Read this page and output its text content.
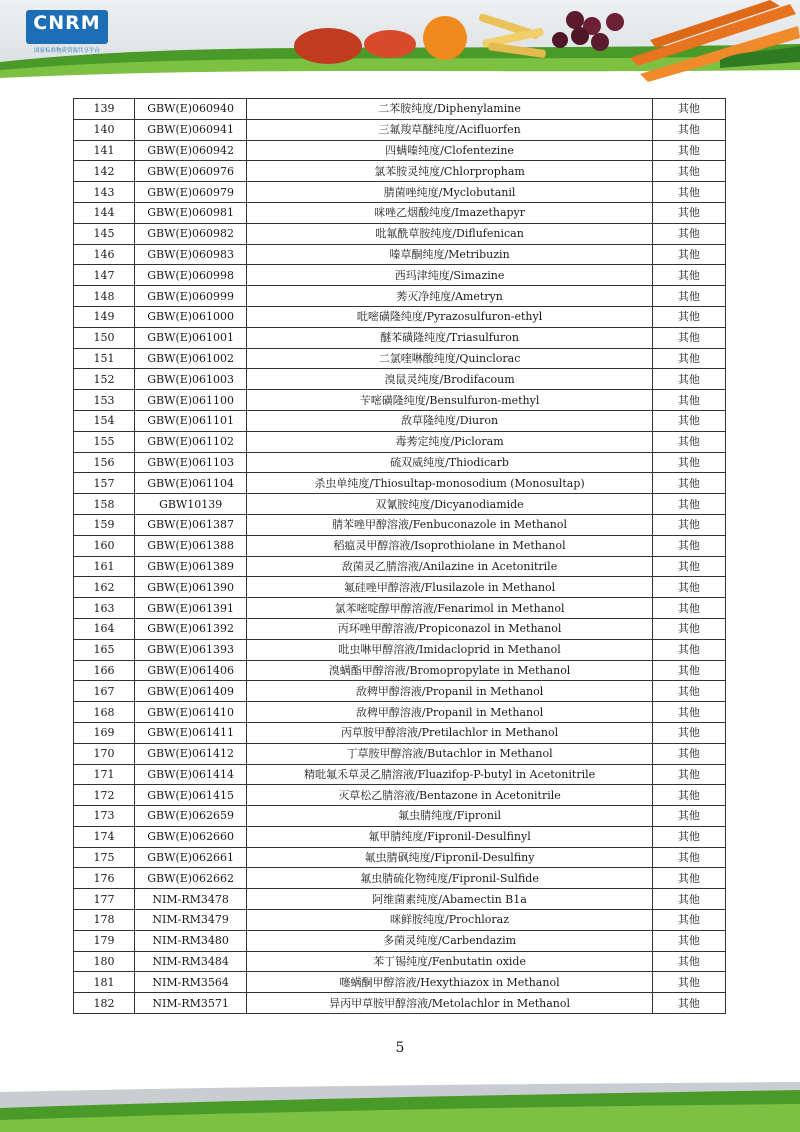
CNRM
国家标准物质资源共享平台
139	GBW(E)060940	二苯胺纯度/Diphenylamine	其他
140	GBW(E)060941	三氟羧草醚纯度/Acifluorfen	其他
141	GBW(E)060942	四螨嗪纯度/Clofentezine	其他
142	GBW(E)060976	氯苯胺灵纯度/Chlorpropham	其他
143	GBW(E)060979	腈菌唑纯度/Myclobutanil	其他
144	GBW(E)060981	咪唑乙烟酸纯度/Imazethapyr	其他
145	GBW(E)060982	吡氟酰草胺纯度/Diflufenican	其他
146	GBW(E)060983	嗪草酮纯度/Metribuzin	其他
147	GBW(E)060998	西玛津纯度/Simazine	其他
148	GBW(E)060999	莠灭净纯度/Ametryn	其他
149	GBW(E)061000	吡嘧磺隆纯度/Pyrazosulfuron-ethyl	其他
150	GBW(E)061001	醚苯磺隆纯度/Triasulfuron	其他
151	GBW(E)061002	二氯喹啉酸纯度/Quinclorac	其他
152	GBW(E)061003	溴鼠灵纯度/Brodifacoum	其他
153	GBW(E)061100	苄嘧磺隆纯度/Bensulfuron-methyl	其他
154	GBW(E)061101	敌草隆纯度/Diuron	其他
155	GBW(E)061102	毒莠定纯度/Picloram	其他
156	GBW(E)061103	硫双威纯度/Thiodicarb	其他
157	GBW(E)061104	杀虫单纯度/Thiosultap-monosodium (Monosultap)	其他
158	GBW10139	双氰胺纯度/Dicyanodiamide	其他
159	GBW(E)061387	腈苯唑甲醇溶液/Fenbuconazole in Methanol	其他
160	GBW(E)061388	稻瘟灵甲醇溶液/Isoprothiolane in Methanol	其他
161	GBW(E)061389	敌菌灵乙腈溶液/Anilazine in Acetonitrile	其他
162	GBW(E)061390	氟硅唑甲醇溶液/Flusilazole in Methanol	其他
163	GBW(E)061391	氯苯嘧啶醇甲醇溶液/Fenarimol in Methanol	其他
164	GBW(E)061392	丙环唑甲醇溶液/Propiconazol in Methanol	其他
165	GBW(E)061393	吡虫啉甲醇溶液/Imidacloprid in Methanol	其他
166	GBW(E)061406	溴螨酯甲醇溶液/Bromopropylate in Methanol	其他
167	GBW(E)061409	敌稗甲醇溶液/Propanil in Methanol	其他
168	GBW(E)061410	敌稗甲醇溶液/Propanil in Methanol	其他
169	GBW(E)061411	丙草胺甲醇溶液/Pretilachlor in Methanol	其他
170	GBW(E)061412	丁草胺甲醇溶液/Butachlor in Methanol	其他
171	GBW(E)061414	精吡氟禾草灵乙腈溶液/Fluazifop-P-butyl in Acetonitrile	其他
172	GBW(E)061415	灭草松乙腈溶液/Bentazone in Acetonitrile	其他
173	GBW(E)062659	氟虫腈纯度/Fipronil	其他
174	GBW(E)062660	氟甲腈纯度/Fipronil-Desulfinyl	其他
175	GBW(E)062661	氟虫腈砜纯度/Fipronil-Desulfiny	其他
176	GBW(E)062662	氟虫腈硫化物纯度/Fipronil-Sulfide	其他
177	NIM-RM3478	阿维菌素纯度/Abamectin B1a	其他
178	NIM-RM3479	咪鲜胺纯度/Prochloraz	其他
179	NIM-RM3480	多菌灵纯度/Carbendazim	其他
180	NIM-RM3484	苯丁锡纯度/Fenbutatin oxide	其他
181	NIM-RM3564	噻螨酮甲醇溶液/Hexythiazox in Methanol	其他
182	NIM-RM3571	异丙甲草胺甲醇溶液/Metolachlor in Methanol	其他
5
